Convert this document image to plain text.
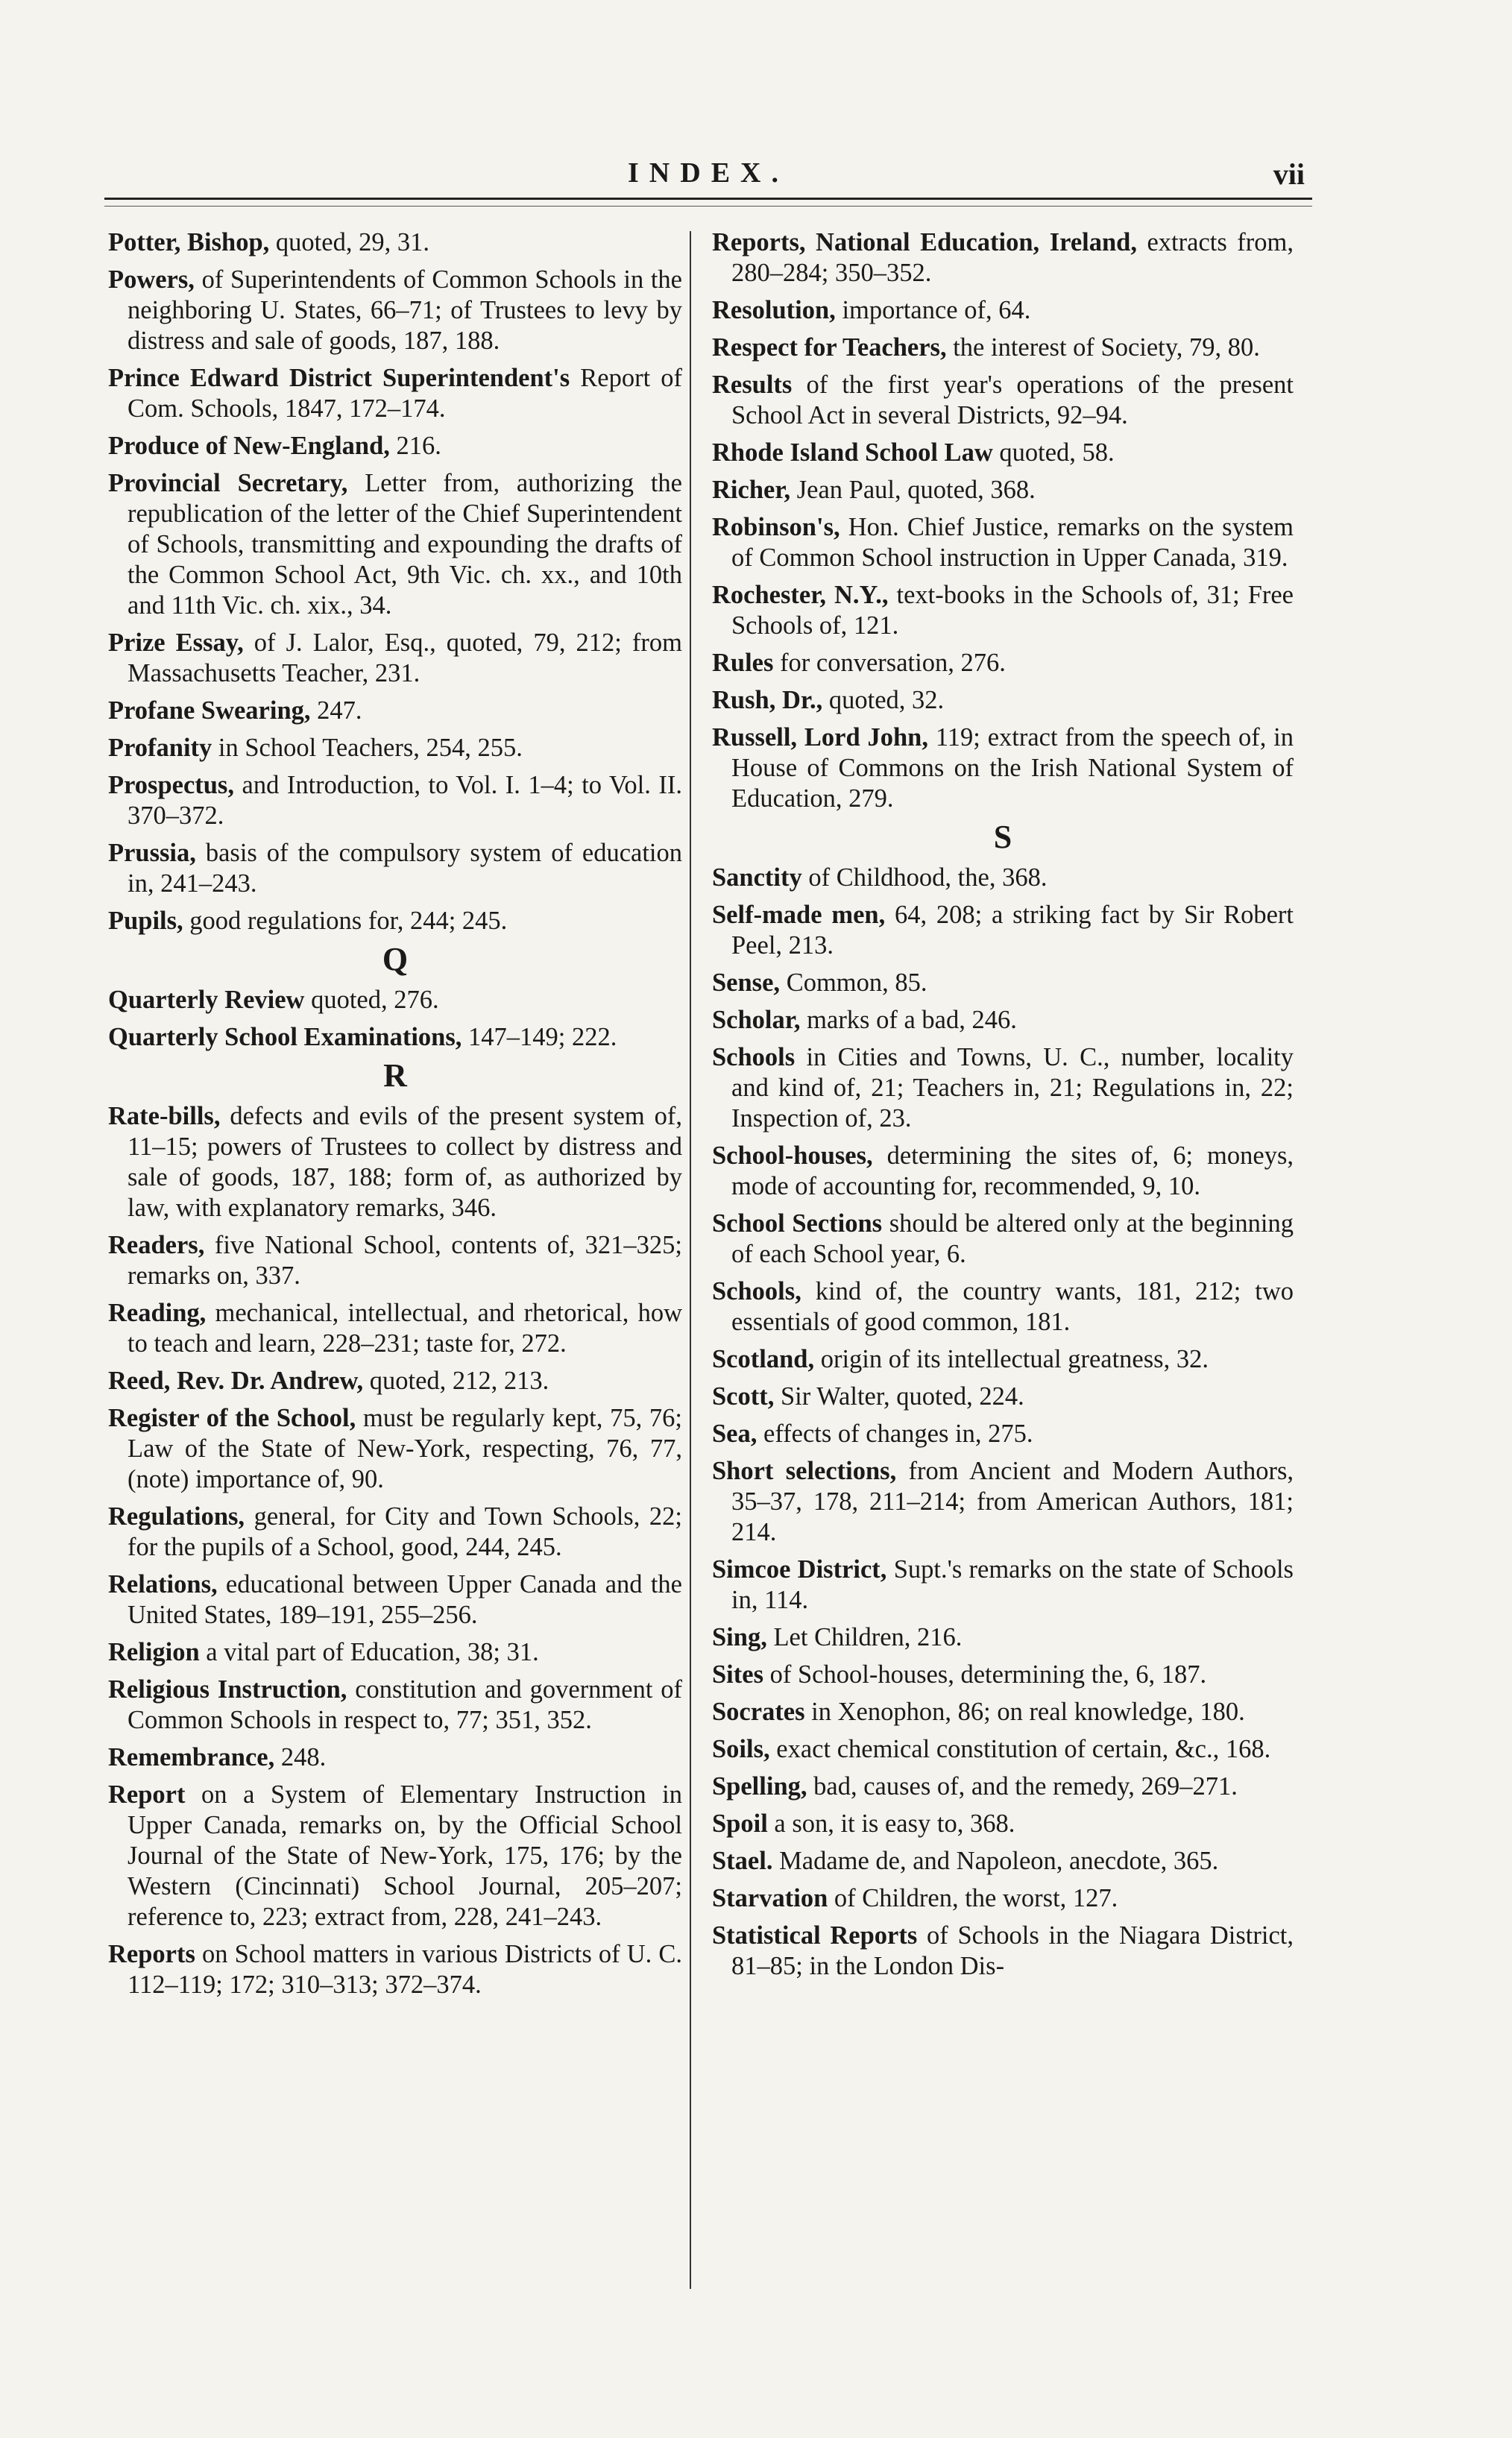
INDEX.	vii
Potter, Bishop, quoted, 29, 31.
Powers, of Superintendents of Common Schools in the neighboring U. States, 66–71; of Trustees to levy by distress and sale of goods, 187, 188.
Prince Edward District Superintendent's Report of Com. Schools, 1847, 172–174.
Produce of New-England, 216.
Provincial Secretary, Letter from, authorizing the republication of the letter of the Chief Superintendent of Schools, transmitting and expounding the drafts of the Common School Act, 9th Vic. ch. xx., and 10th and 11th Vic. ch. xix., 34.
Prize Essay, of J. Lalor, Esq., quoted, 79, 212; from Massachusetts Teacher, 231.
Profane Swearing, 247.
Profanity in School Teachers, 254, 255.
Prospectus, and Introduction, to Vol. I. 1–4; to Vol. II. 370–372.
Prussia, basis of the compulsory system of education in, 241–243.
Pupils, good regulations for, 244; 245.
Q
Quarterly Review quoted, 276.
Quarterly School Examinations, 147–149; 222.
R
Rate-bills, defects and evils of the present system of, 11–15; powers of Trustees to collect by distress and sale of goods, 187, 188; form of, as authorized by law, with explanatory remarks, 346.
Readers, five National School, contents of, 321–325; remarks on, 337.
Reading, mechanical, intellectual, and rhetorical, how to teach and learn, 228–231; taste for, 272.
Reed, Rev. Dr. Andrew, quoted, 212, 213.
Register of the School, must be regularly kept, 75, 76; Law of the State of New-York, respecting, 76, 77, (note) importance of, 90.
Regulations, general, for City and Town Schools, 22; for the pupils of a School, good, 244, 245.
Relations, educational between Upper Canada and the United States, 189–191, 255–256.
Religion a vital part of Education, 38; 31.
Religious Instruction, constitution and government of Common Schools in respect to, 77; 351, 352.
Remembrance, 248.
Report on a System of Elementary Instruction in Upper Canada, remarks on, by the Official School Journal of the State of New-York, 175, 176; by the Western (Cincinnati) School Journal, 205–207; reference to, 223; extract from, 228, 241–243.
Reports on School matters in various Districts of U. C. 112–119; 172; 310–313; 372–374.
Reports, National Education, Ireland, extracts from, 280–284; 350–352.
Resolution, importance of, 64.
Respect for Teachers, the interest of Society, 79, 80.
Results of the first year's operations of the present School Act in several Districts, 92–94.
Rhode Island School Law quoted, 58.
Richer, Jean Paul, quoted, 368.
Robinson's, Hon. Chief Justice, remarks on the system of Common School instruction in Upper Canada, 319.
Rochester, N.Y., text-books in the Schools of, 31; Free Schools of, 121.
Rules for conversation, 276.
Rush, Dr., quoted, 32.
Russell, Lord John, 119; extract from the speech of, in House of Commons on the Irish National System of Education, 279.
S
Sanctity of Childhood, the, 368.
Self-made men, 64, 208; a striking fact by Sir Robert Peel, 213.
Sense, Common, 85.
Scholar, marks of a bad, 246.
Schools in Cities and Towns, U. C., number, locality and kind of, 21; Teachers in, 21; Regulations in, 22; Inspection of, 23.
School-houses, determining the sites of, 6; moneys, mode of accounting for, recommended, 9, 10.
School Sections should be altered only at the beginning of each School year, 6.
Schools, kind of, the country wants, 181, 212; two essentials of good common, 181.
Scotland, origin of its intellectual greatness, 32.
Scott, Sir Walter, quoted, 224.
Sea, effects of changes in, 275.
Short selections, from Ancient and Modern Authors, 35–37, 178, 211–214; from American Authors, 181; 214.
Simcoe District, Supt.'s remarks on the state of Schools in, 114.
Sing, Let Children, 216.
Sites of School-houses, determining the, 6, 187.
Socrates in Xenophon, 86; on real knowledge, 180.
Soils, exact chemical constitution of certain, &c., 168.
Spelling, bad, causes of, and the remedy, 269–271.
Spoil a son, it is easy to, 368.
Stael. Madame de, and Napoleon, anecdote, 365.
Starvation of Children, the worst, 127.
Statistical Reports of Schools in the Niagara District, 81–85; in the London Dis-
